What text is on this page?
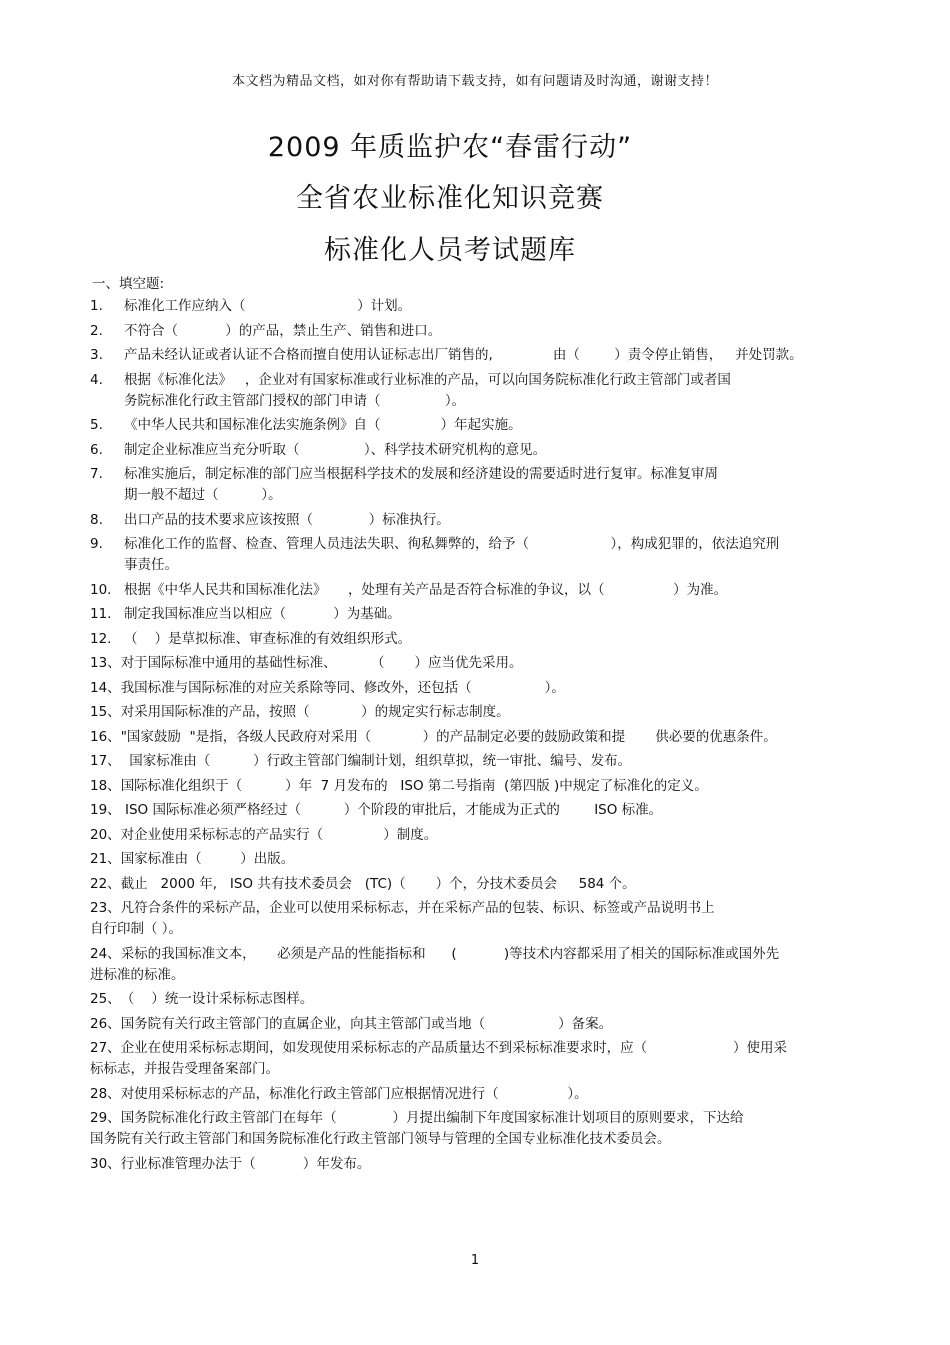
本文档为精品文档，如对你有帮助请下载支持，如有问题请及时沟通，谢谢支持！
2009 年质监护农“春雷行动”
全省农业标准化知识竞赛
标准化人员考试题库
一、填空题:
1.	标准化工作应纳入（                          ）计划。
2.	不符合（           ）的产品，禁止生产、销售和进口。
3.	产品未经认证或者认证不合格而擅自使用认证标志出厂销售的,              由（        ）责令停止销售，   并处罚款。
4.	根据《标准化法》   ，企业对有国家标准或行业标准的产品，可以向国务院标准化行政主管部门或者国
务院标准化行政主管部门授权的部门申请（               ）。
5.	《中华人民共和国标准化法实施条例》自（              ）年起实施。
6.	制定企业标准应当充分听取（               ）、科学技术研究机构的意见。
7.	标准实施后，制定标准的部门应当根据科学技术的发展和经济建设的需要适时进行复审。标准复审周
期一般不超过（          ）。
8.	出口产品的技术要求应该按照（             ）标准执行。
9.	标准化工作的监督、检查、管理人员违法失职、徇私舞弊的，给予（                   ），构成犯罪的，依法追究刑
事责任。
10. 根据《中华人民共和国标准化法》     ，处理有关产品是否符合标准的争议，以（                ）为准。
11. 制定我国标准应当以相应（           ）为基础。
12. （    ）是草拟标准、审查标准的有效组织形式。
13、 对于国际标准中通用的基础性标准、        （       ）应当优先采用。
14、 我国标准与国际标准的对应关系除等同、修改外，还包括（                 ）。
15、 对采用国际标准的产品，按照（            ）的规定实行标志制度。
16、 "国家鼓励  "是指，各级人民政府对采用（            ）的产品制定必要的鼓励政策和提       供必要的优惠条件。
17、 国家标准由（          ）行政主管部门编制计划，组织草拟，统一审批、编号、发布。
18、 国际标准化组织于（          ）年  7 月发布的   ISO 第二号指南  (第四版 )中规定了标准化的定义。
19、 ISO 国际标准必须严格经过（          ）个阶段的审批后，才能成为正式的        ISO 标准。
20、 对企业使用采标标志的产品实行（              ）制度。
21、 国家标准由（         ）出版。
22、 截止   2000 年,   ISO 共有技术委员会   (TC)（       ）个，分技术委员会     584 个。
23、 凡符合条件的采标产品，企业可以使用采标标志，并在采标产品的包装、标识、标签或产品说明书上
自行印制（ ）。
24、 采标的我国标准文本，     必须是产品的性能指标和      (           )等技术内容都采用了相关的国际标准或国外先
进标准的标准。
25、 （    ）统一设计采标标志图样。
26、 国务院有关行政主管部门的直属企业，向其主管部门或当地（                 ）备案。
27、 企业在使用采标标志期间，如发现使用采标标志的产品质量达不到采标标准要求时，应（                    ）使用采
标标志，并报告受理备案部门。
28、 对使用采标标志的产品，标准化行政主管部门应根据情况进行（                ）。
29、 国务院标准化行政主管部门在每年（             ）月提出编制下年度国家标准计划项目的原则要求，下达给
国务院有关行政主管部门和国务院标准化行政主管部门领导与管理的全国专业标准化技术委员会。
30、 行业标准管理办法于（           ）年发布。
1
